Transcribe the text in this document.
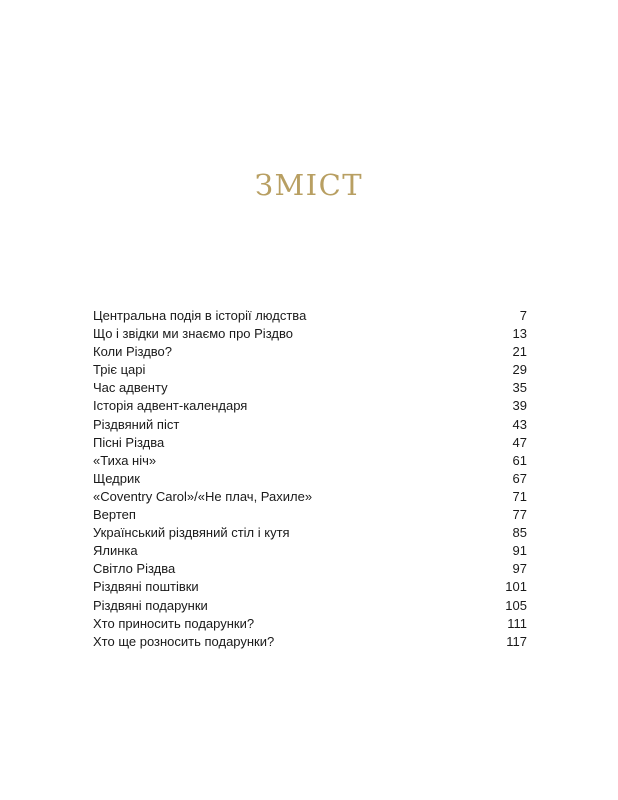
ЗМІСТ
Центральна подія в історії людства	7
Що і звідки ми знаємо про Різдво	13
Коли Різдво?	21
Тріє царі	29
Час адвенту	35
Історія адвент-календаря	39
Різдвяний піст	43
Пісні Різдва	47
«Тиха ніч»	61
Щедрик	67
«Coventry Carol»/«Не плач, Рахиле»	71
Вертеп	77
Український різдвяний стіл і кутя	85
Ялинка	91
Світло Різдва	97
Різдвяні поштівки	101
Різдвяні подарунки	105
Хто приносить подарунки?	111
Хто ще розносить подарунки?	117
